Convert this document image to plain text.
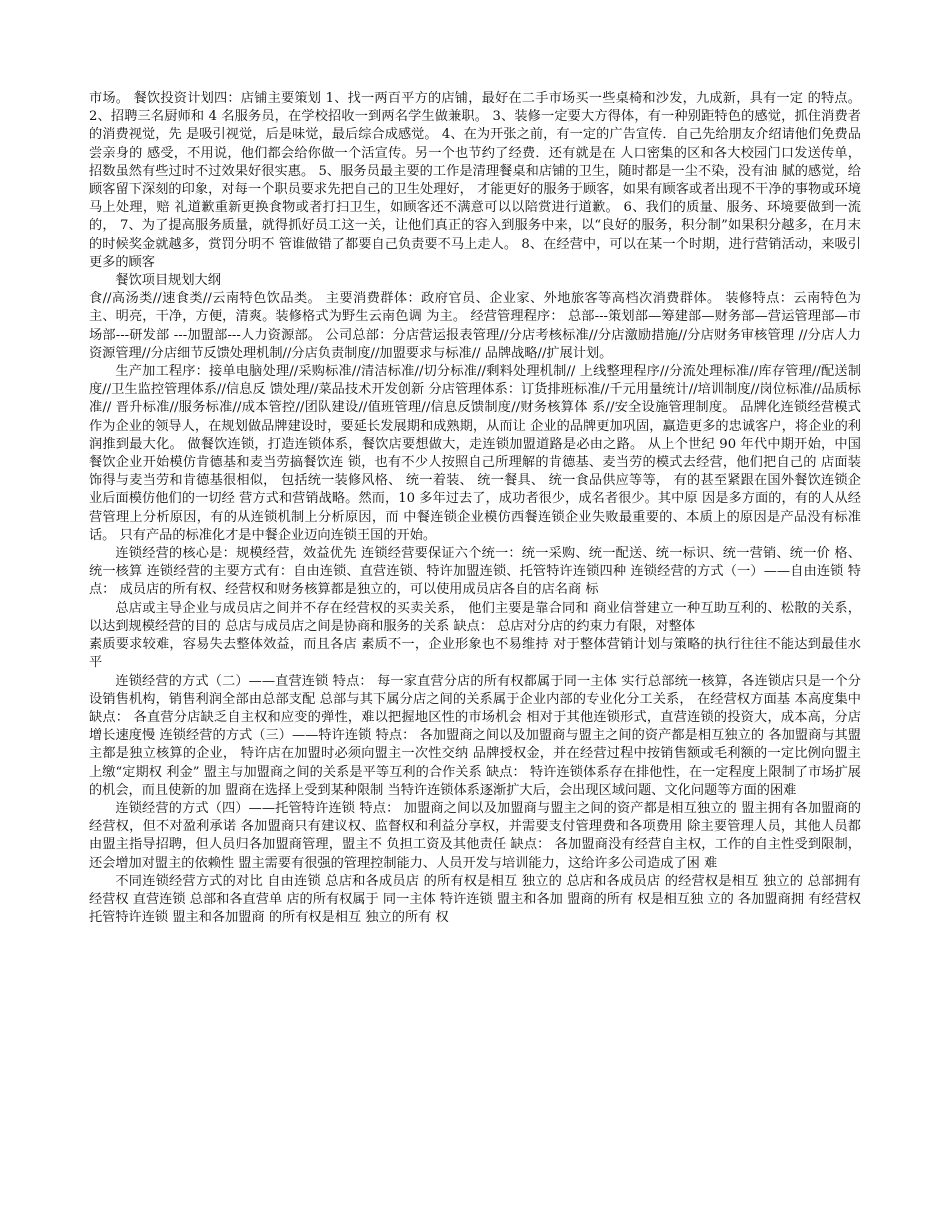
市场。 餐饮投资计划四：店铺主要策划 1、找一两百平方的店铺，最好在二手市场买一些桌椅和沙发，九成新，具有一定 的特点。 2、招聘三名厨师和 4 名服务员，在学校招收一到两名学生做兼职。 3、装修一定要大方得体，有一种别距特色的感觉，抓住消费者的消费视觉，先 是吸引视觉，后是味觉，最后综合成感觉。 4、在为开张之前，有一定的广告宣传．自己先给朋友介绍请他们免费品尝亲身的 感受，不用说，他们都会给你做一个活宣传。另一个也节约了经费．还有就是在 人口密集的区和各大校园门口发送传单，招数虽然有些过时不过效果好很实惠。 5、服务员最主要的工作是清理餐桌和店铺的卫生，随时都是一尘不染，没有油 腻的感觉，给顾客留下深刻的印象，对每一个职员要求先把自己的卫生处理好， 才能更好的服务于顾客，如果有顾客或者出现不干净的事物或环境马上处理，赔 礼道歉重新更换食物或者打扫卫生，如顾客还不满意可以以陪赏进行道歉。 6、我们的质量、服务、环境要做到一流的， 7、为了提高服务质量，就得抓好员工这一关，让他们真正的容入到服务中来，以“良好的服务，积分制”如果积分越多，在月末的时候奖金就越多，赏罚分明不 管谁做错了都要自己负责要不马上走人。 8、在经营中，可以在某一个时期，进行营销活动，来吸引更多的顾客

餐饮项目规划大纲

食//高汤类//速食类//云南特色饮品类。 主要消费群体：政府官员、企业家、外地旅客等高档次消费群体。 装修特点：云南特色为主、明亮，干净，方便，清爽。装修格式为野生云南色调 为主。 经营管理程序： 总部---策划部—筹建部—财务部—营运管理部—市场部---研发部 ---加盟部---人力资源部。 公司总部：分店营运报表管理//分店考核标准//分店激励措施//分店财务审核管理 //分店人力资源管理//分店细节反馈处理机制//分店负责制度//加盟要求与标准// 品牌战略//扩展计划。

生产加工程序：接单电脑处理//采购标准//清洁标准//切分标准//剩料处理机制// 上线整理程序//分流处理标准//库存管理//配送制度//卫生监控管理体系//信息反 馈处理//菜品技术开发创新 分店管理体系：订货排班标准//千元用量统计//培训制度//岗位标准//品质标准// 晋升标准//服务标准//成本管控//团队建设//值班管理//信息反馈制度//财务核算体 系//安全设施管理制度。 品牌化连锁经营模式 作为企业的领导人，在规划做品牌建设时，要延长发展期和成熟期，从而让 企业的品牌更加巩固，赢造更多的忠诚客户，将企业的利润推到最大化。 做餐饮连锁，打造连锁体系，餐饮店要想做大，走连锁加盟道路是必由之路。 从上个世纪 90 年代中期开始，中国餐饮企业开始模仿肯德基和麦当劳搞餐饮连 锁，也有不少人按照自己所理解的肯德基、麦当劳的模式去经营，他们把自己的 店面装饰得与麦当劳和肯德基很相似， 包括统一装修风格、 统一着装、 统一餐具、 统一食品供应等等， 有的甚至紧跟在国外餐饮连锁企业后面模仿他们的一切经 营方式和营销战略。然而，10 多年过去了，成功者很少，成名者很少。其中原 因是多方面的，有的人从经营管理上分析原因，有的从连锁机制上分析原因，而 中餐连锁企业模仿西餐连锁企业失败最重要的、本质上的原因是产品没有标准 话。 只有产品的标准化才是中餐企业迈向连锁王国的开始。

连锁经营的核心是：规模经营，效益优先 连锁经营要保证六个统一：统一采购、统一配送、统一标识、统一营销、统一价 格、统一核算 连锁经营的主要方式有：自由连锁、直营连锁、特许加盟连锁、托管特许连锁四种 连锁经营的方式（一）——自由连锁 特点： 成员店的所有权、经营权和财务核算都是独立的，可以使用成员店各自的店名商 标

总店或主导企业与成员店之间并不存在经营权的买卖关系， 他们主要是靠合同和 商业信誉建立一种互助互利的、松散的关系，以达到规模经营的目的 总店与成员店之间是协商和服务的关系 缺点： 总店对分店的约束力有限，对整体

素质要求较难，容易失去整体效益，而且各店 素质不一，企业形象也不易维持 对于整体营销计划与策略的执行往往不能达到最佳水平

连锁经营的方式（二）——直营连锁 特点： 每一家直营分店的所有权都属于同一主体 实行总部统一核算，各连锁店只是一个分设销售机构，销售利润全部由总部支配 总部与其下属分店之间的关系属于企业内部的专业化分工关系， 在经营权方面基 本高度集中 缺点： 各直营分店缺乏自主权和应变的弹性，难以把握地区性的市场机会 相对于其他连锁形式，直营连锁的投资大，成本高，分店增长速度慢 连锁经营的方式（三）——特许连锁 特点： 各加盟商之间以及加盟商与盟主之间的资产都是相互独立的 各加盟商与其盟主都是独立核算的企业， 特许店在加盟时必须向盟主一次性交纳 品牌授权金，并在经营过程中按销售额或毛利额的一定比例向盟主上缴“定期权 利金” 盟主与加盟商之间的关系是平等互利的合作关系 缺点： 特许连锁体系存在排他性，在一定程度上限制了市场扩展的机会，而且使新的加 盟商在选择上受到某种限制 当特许连锁体系逐渐扩大后，会出现区域问题、文化问题等方面的困难

连锁经营的方式（四）——托管特许连锁 特点： 加盟商之间以及加盟商与盟主之间的资产都是相互独立的 盟主拥有各加盟商的经营权，但不对盈利承诺 各加盟商只有建议权、监督权和利益分享权，并需要支付管理费和各项费用 除主要管理人员，其他人员都由盟主指导招聘，但人员归各加盟商管理，盟主不 负担工资及其他责任 缺点： 各加盟商没有经营自主权，工作的自主性受到限制，还会增加对盟主的依赖性 盟主需要有很强的管理控制能力、人员开发与培训能力，这给许多公司造成了困 难

不同连锁经营方式的对比 自由连锁 总店和各成员店 的所有权是相互 独立的 总店和各成员店 的经营权是相互 独立的 总部拥有经营权 直营连锁 总部和各直营单 店的所有权属于 同一主体 特许连锁 盟主和各加 盟商的所有 权是相互独 立的 各加盟商拥 有经营权 托管特许连锁 盟主和各加盟商 的所有权是相互 独立的所有 权
